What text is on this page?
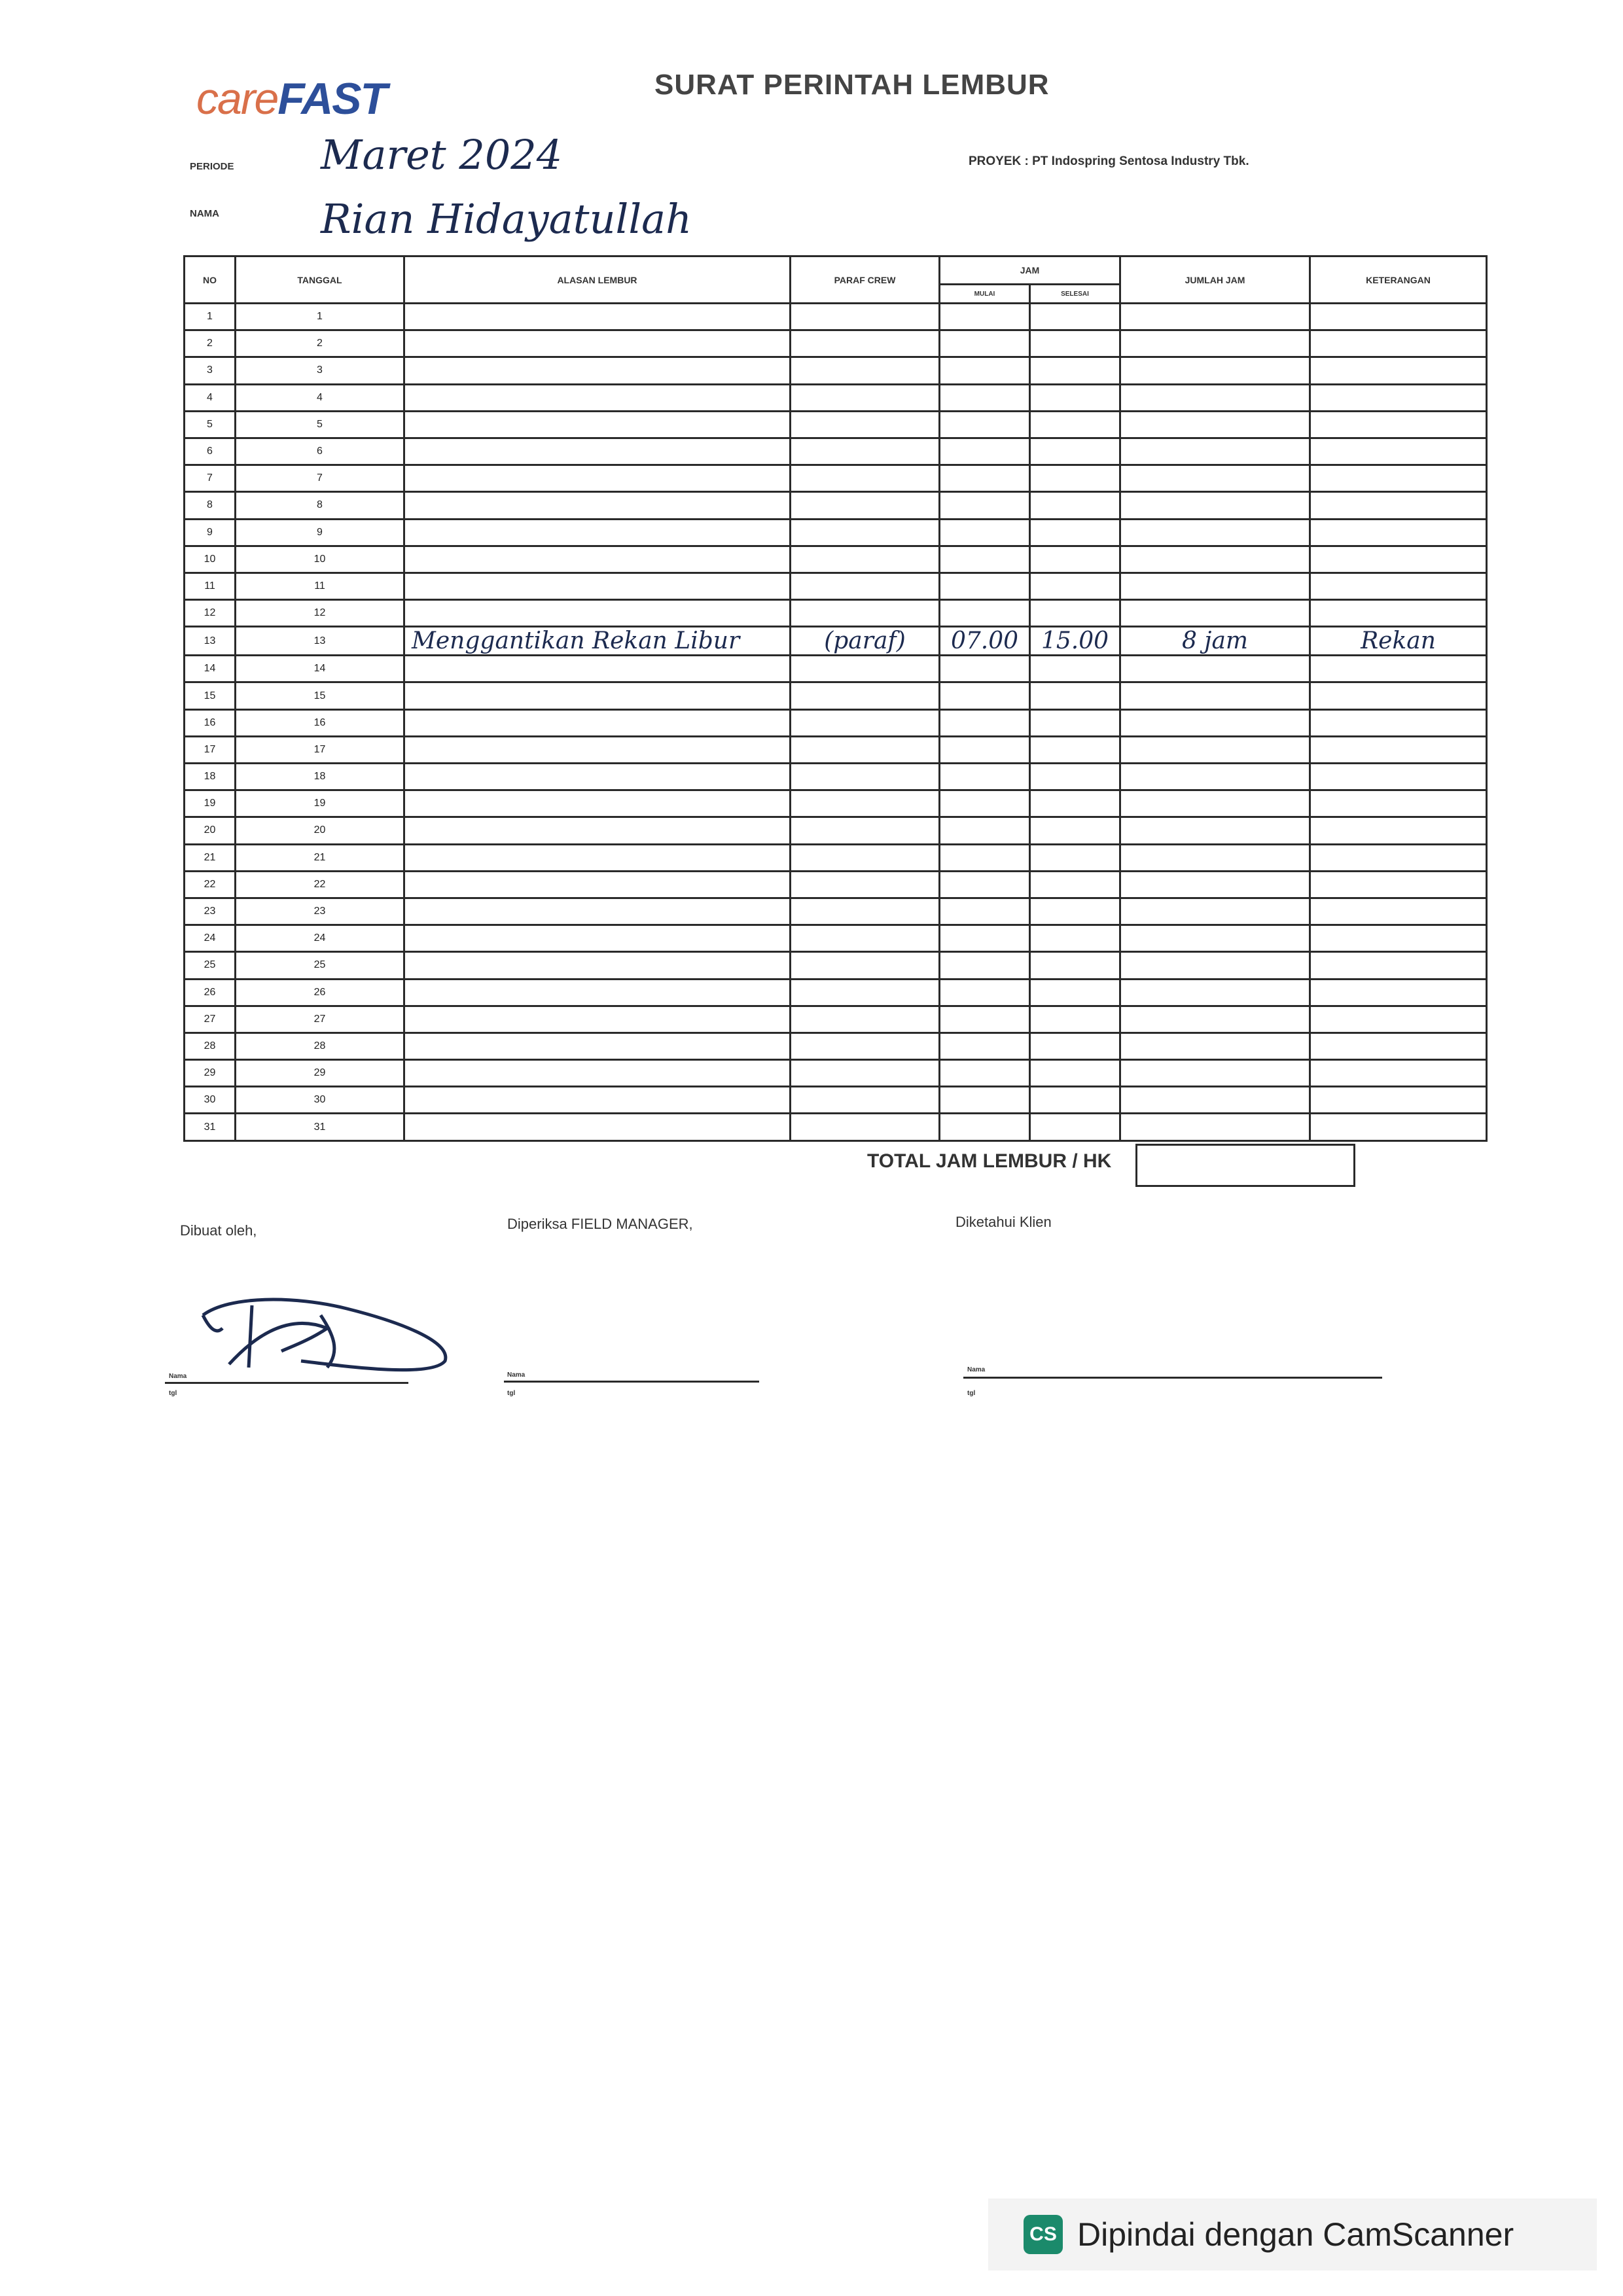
careFAST	SURAT PERINTAH LEMBUR
PERIODE Maret 2024
NAMA	Rian Hidayatullah
PROYEK : PT Indospring Sentosa Industry Tbk.
NO	TANGGAL	ALASAN LEMBUR	PARAF CREW	JAM		JUMLAH JAM	KETERANGAN
				MULAI	SELESAI		
1	1						
2	2						
3	3						
4	4						
5	5						
6	6						
7	7						
8	8						
9	9						
10	10						
11	11						
12	12						
13	13	Menggantikan Rekan Libur	(paraf)	07.00	15.00	8 jam	Rekan
14	14						
15	15						
16	16						
17	17						
18	18						
19	19						
20	20						
21	21						
22	22						
23	23						
24	24						
25	25						
26	26						
27	27						
28	28						
29	29						
30	30						
31	31						
TOTAL JAM LEMBUR / HK
Dibuat oleh,	Diperiksa FIELD MANAGER,	Diketahui Klien
Nama
tgl
Nama
tgl
Nama
tgl
CS Dipindai dengan CamScanner
